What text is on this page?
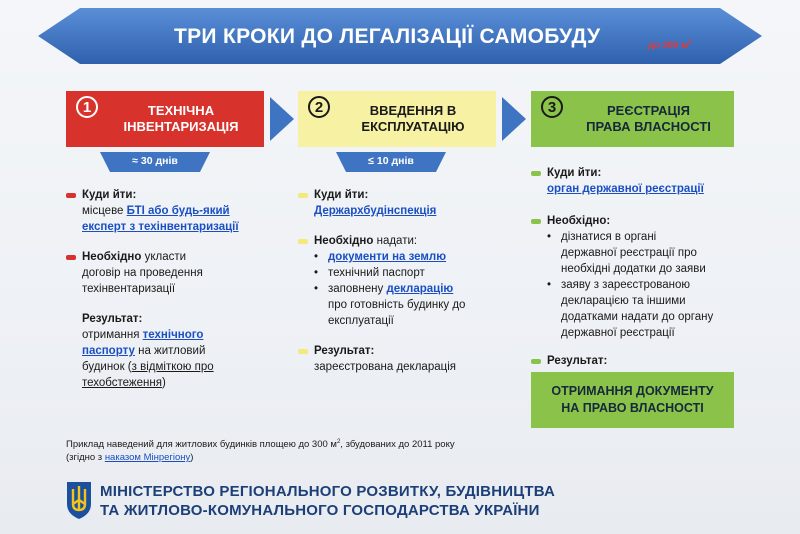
ТРИ КРОКИ ДО ЛЕГАЛІЗАЦІЇ САМОБУДУ	до 300 $м^2$
1	ТЕХНІЧНА
ІНВЕНТАРИЗАЦІЯ
2	ВВЕДЕННЯ В
ЕКСПЛУАТАЦІЮ
3	РЕЄСТРАЦІЯ
ПРАВА ВЛАСНОСТІ
≈ 30 днів	≤ 10 днів
Куди йти:
місцеве БТІ або будь-який
експерт з техінвентаризації
Необхідно укласти
договір на проведення
техінвентаризації
Результат:
отримання технічного
паспорту на житловий
будинок (з відміткою про
техобстеження)
Куди йти:
Держархбудінспекція
Необхідно надати:
• документи на землю
• технічний паспорт
• заповнену декларацію
про готовність будинку до
експлуатації
Результат:
зареєстрована декларація
Куди йти:
орган державної реєстрації
Необхідно:
• дізнатися в органі
державної реєстрації про
необхідні додатки до заяви
• заяву з зареєстрованою
декларацією та іншими
додатками надати до органу
державної реєстрації
Результат:
ОТРИМАННЯ ДОКУМЕНТУ
НА ПРАВО ВЛАСНОСТІ
Приклад наведений для житлових будинків площею до 300 $м^2$, збудованих до 2011 року
(згідно з наказом Мінрегіону)
МІНІСТЕРСТВО РЕГІОНАЛЬНОГО РОЗВИТКУ, БУДІВНИЦТВА
ТА ЖИТЛОВО-КОМУНАЛЬНОГО ГОСПОДАРСТВА УКРАЇНИ
